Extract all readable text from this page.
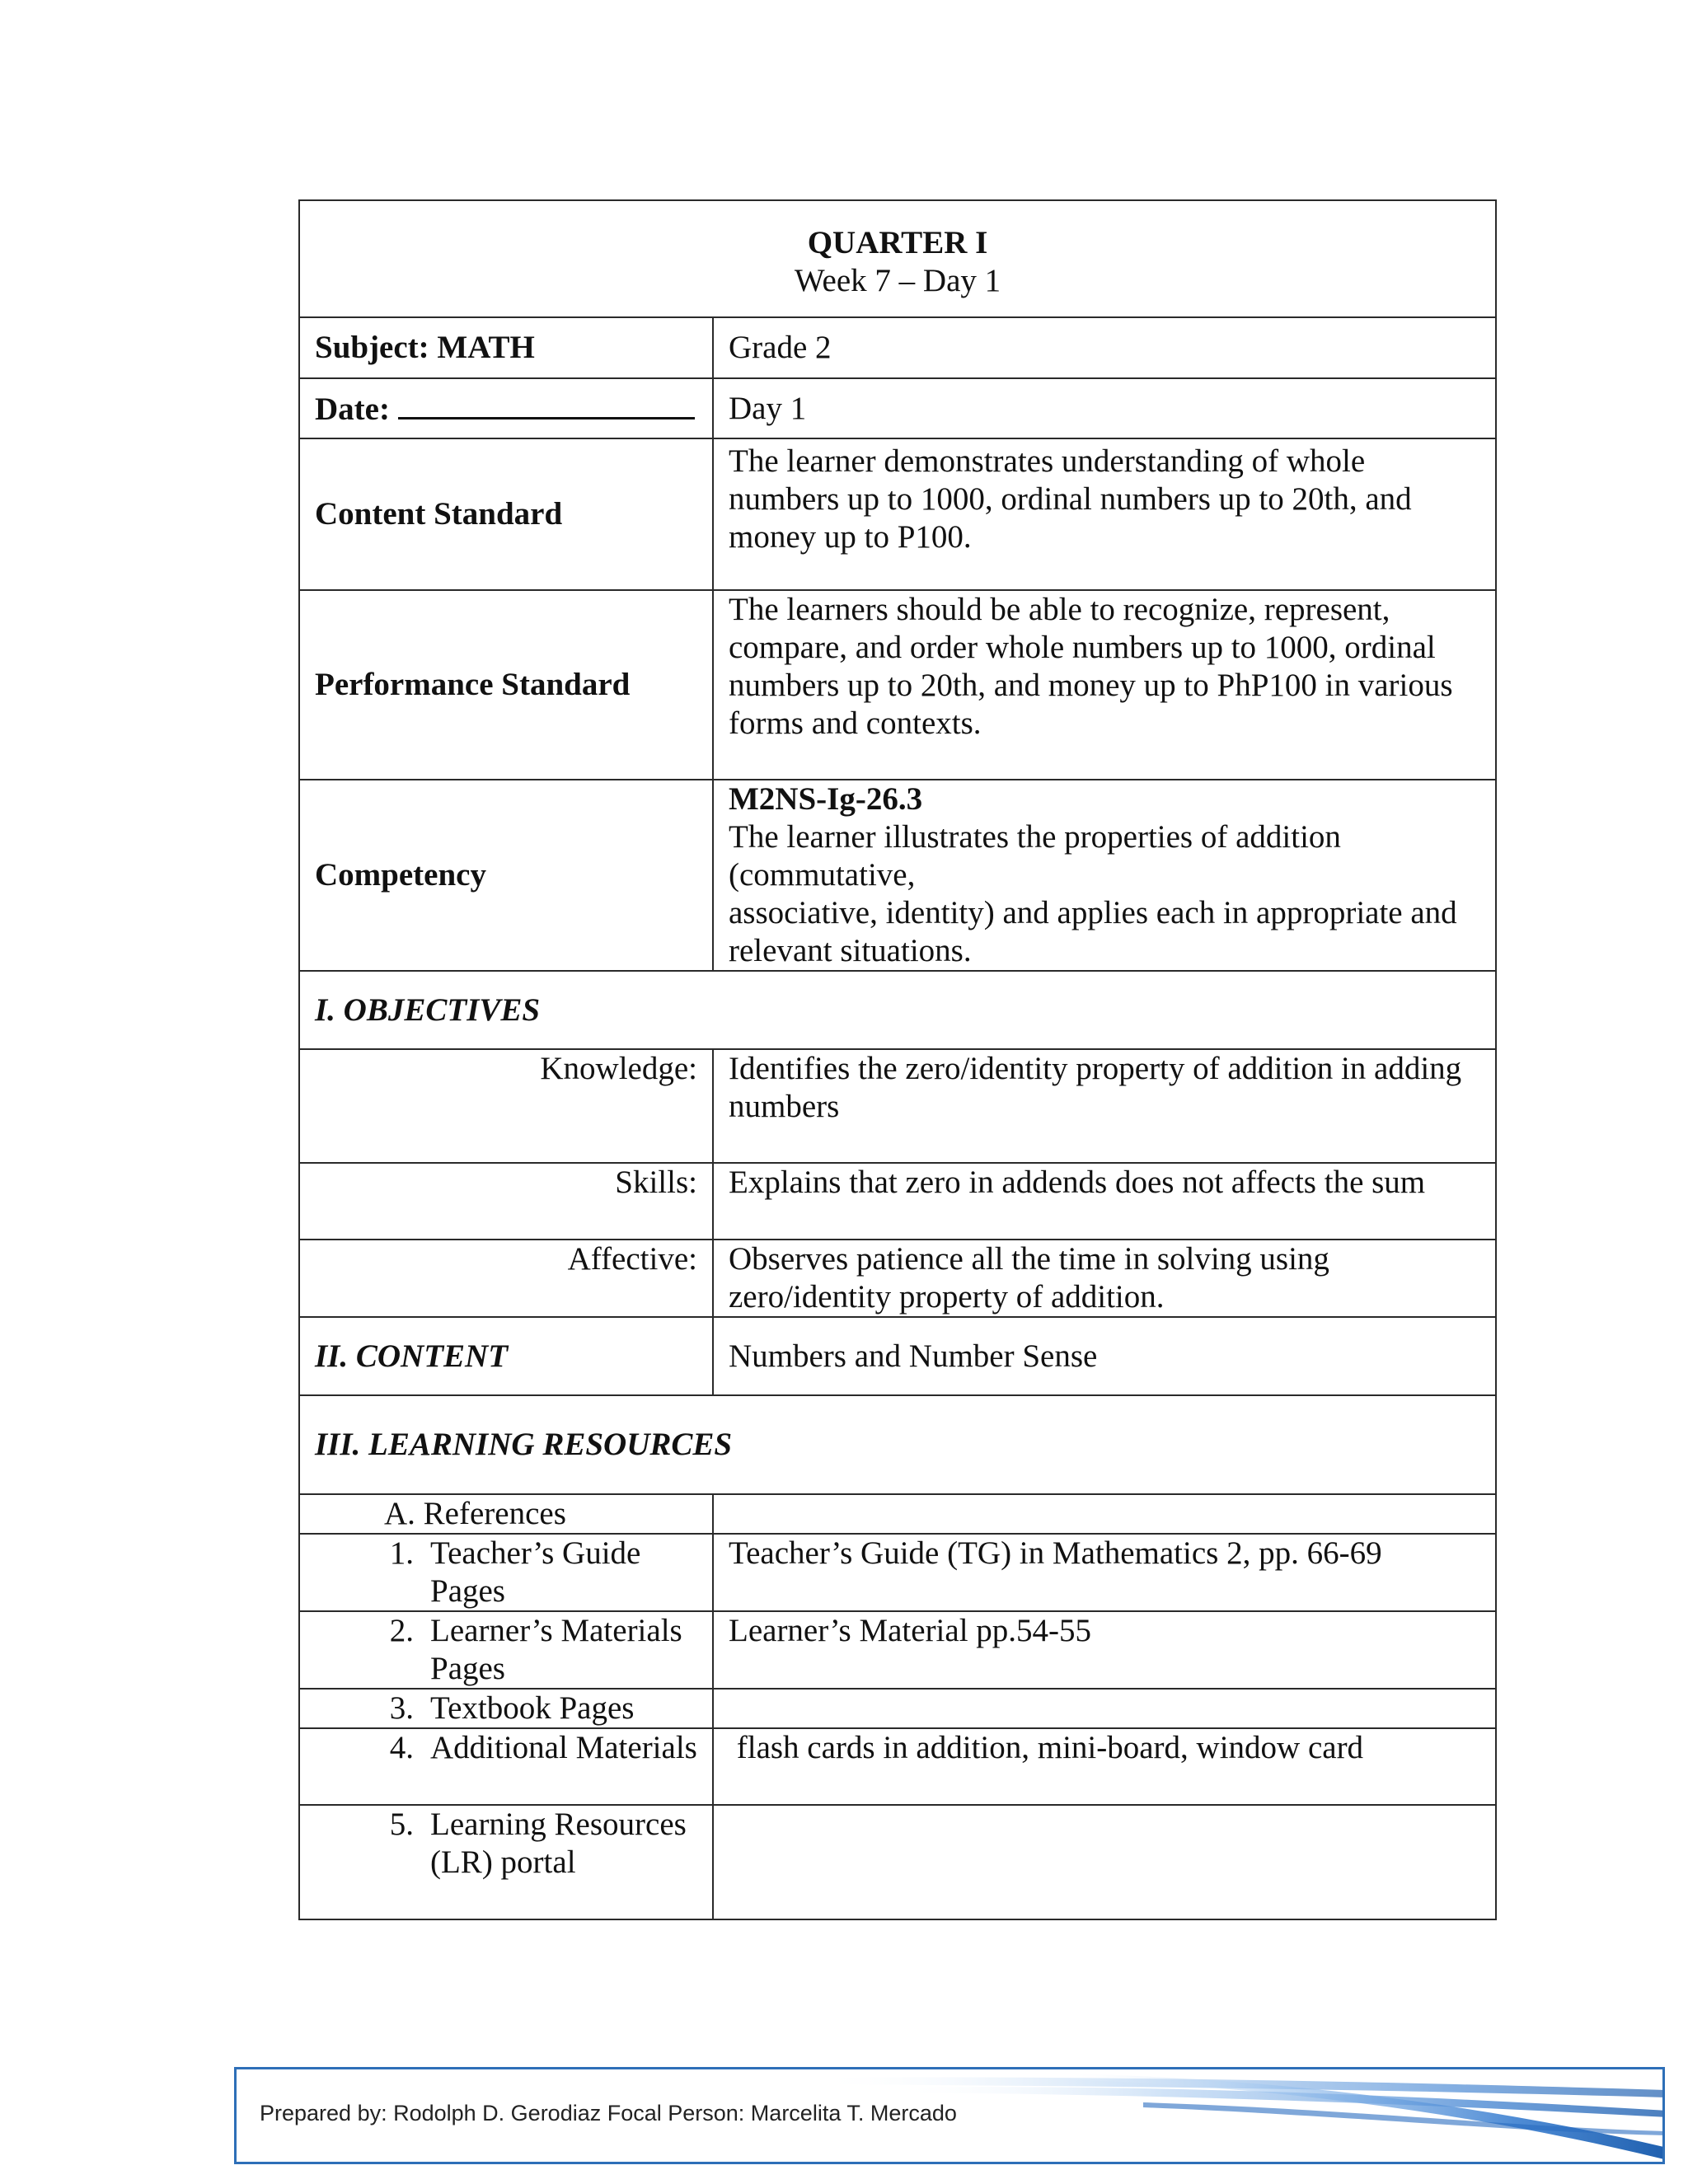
QUARTER I
Week 7 – Day 1	

Subject: MATH	Grade 2
Date:	Day 1
Content Standard	The learner demonstrates understanding of whole numbers up to 1000, ordinal numbers up to 20th, and money up to P100.
Performance Standard	The learners should be able to recognize, represent, compare, and order whole numbers up to 1000, ordinal numbers up to 20th, and money up to PhP100 in various forms and contexts.
Competency	M2NS-Ig-26.3
The learner illustrates the properties of addition (commutative,
associative, identity) and applies each in appropriate and relevant situations.

I. OBJECTIVES	
Knowledge:	Identifies the zero/identity property of addition in adding numbers
Skills:	Explains that zero in addends does not affects the sum
Affective:	Observes patience all the time in solving using zero/identity property of addition.
II. CONTENT	Numbers and Number Sense
III. LEARNING RESOURCES	

A. References	

1. Teacher’s Guide Pages	Teacher’s Guide (TG) in Mathematics 2, pp. 66-69

2. Learner’s Materials Pages	Learner’s Material pp.54-55

3. Textbook Pages	

4. Additional Materials	flash cards in addition, mini-board, window card

5. Learning Resources (LR) portal	

Prepared by: Rodolph D. Gerodiaz Focal Person: Marcelita T. Mercado
